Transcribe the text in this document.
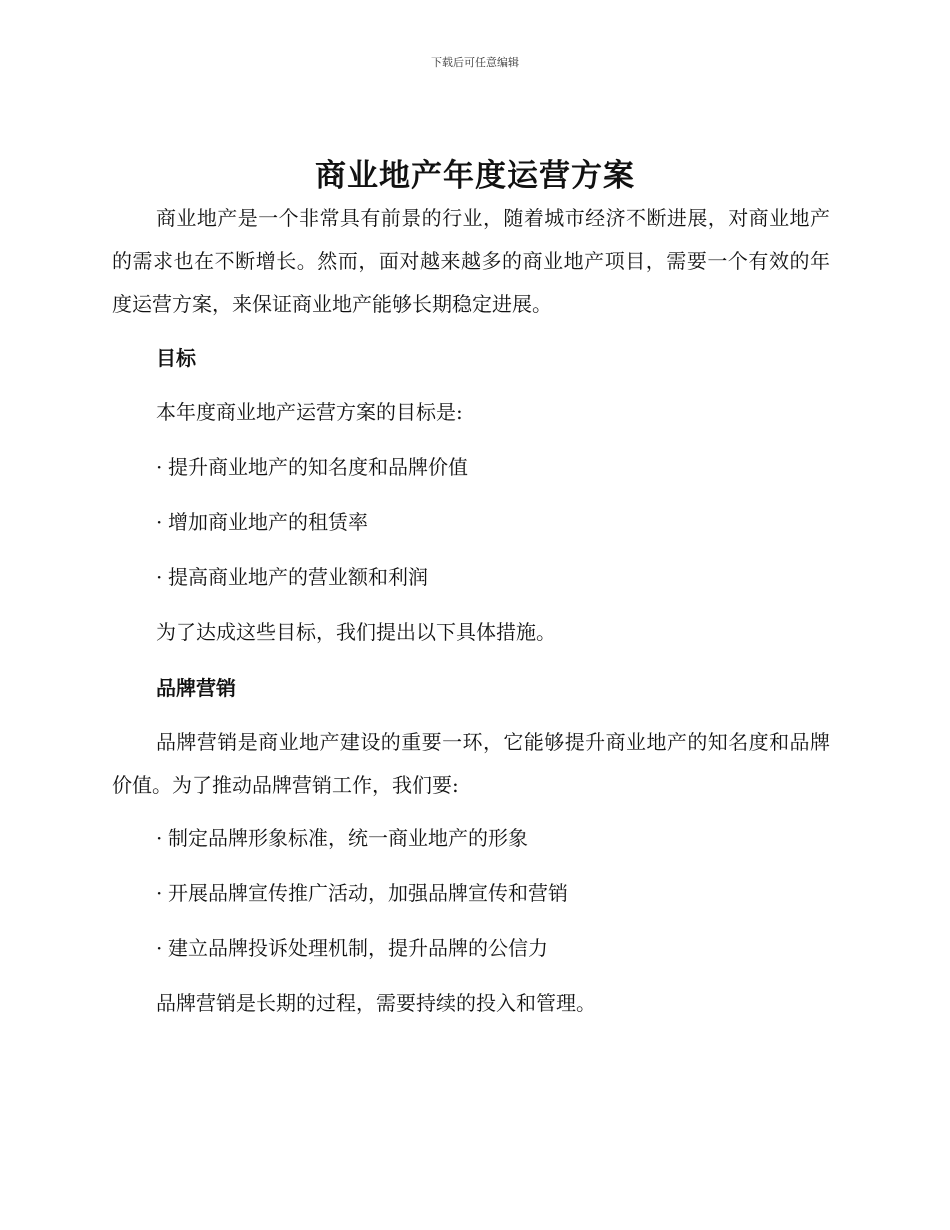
下载后可任意编辑
商业地产年度运营方案
商业地产是一个非常具有前景的行业，随着城市经济不断进展，对商业地产的需求也在不断增长。然而，面对越来越多的商业地产项目，需要一个有效的年度运营方案，来保证商业地产能够长期稳定进展。
目标
本年度商业地产运营方案的目标是:
· 提升商业地产的知名度和品牌价值
· 增加商业地产的租赁率
· 提高商业地产的营业额和利润
为了达成这些目标，我们提出以下具体措施。
品牌营销
品牌营销是商业地产建设的重要一环，它能够提升商业地产的知名度和品牌价值。为了推动品牌营销工作，我们要:
· 制定品牌形象标准，统一商业地产的形象
· 开展品牌宣传推广活动，加强品牌宣传和营销
· 建立品牌投诉处理机制，提升品牌的公信力
品牌营销是长期的过程，需要持续的投入和管理。
